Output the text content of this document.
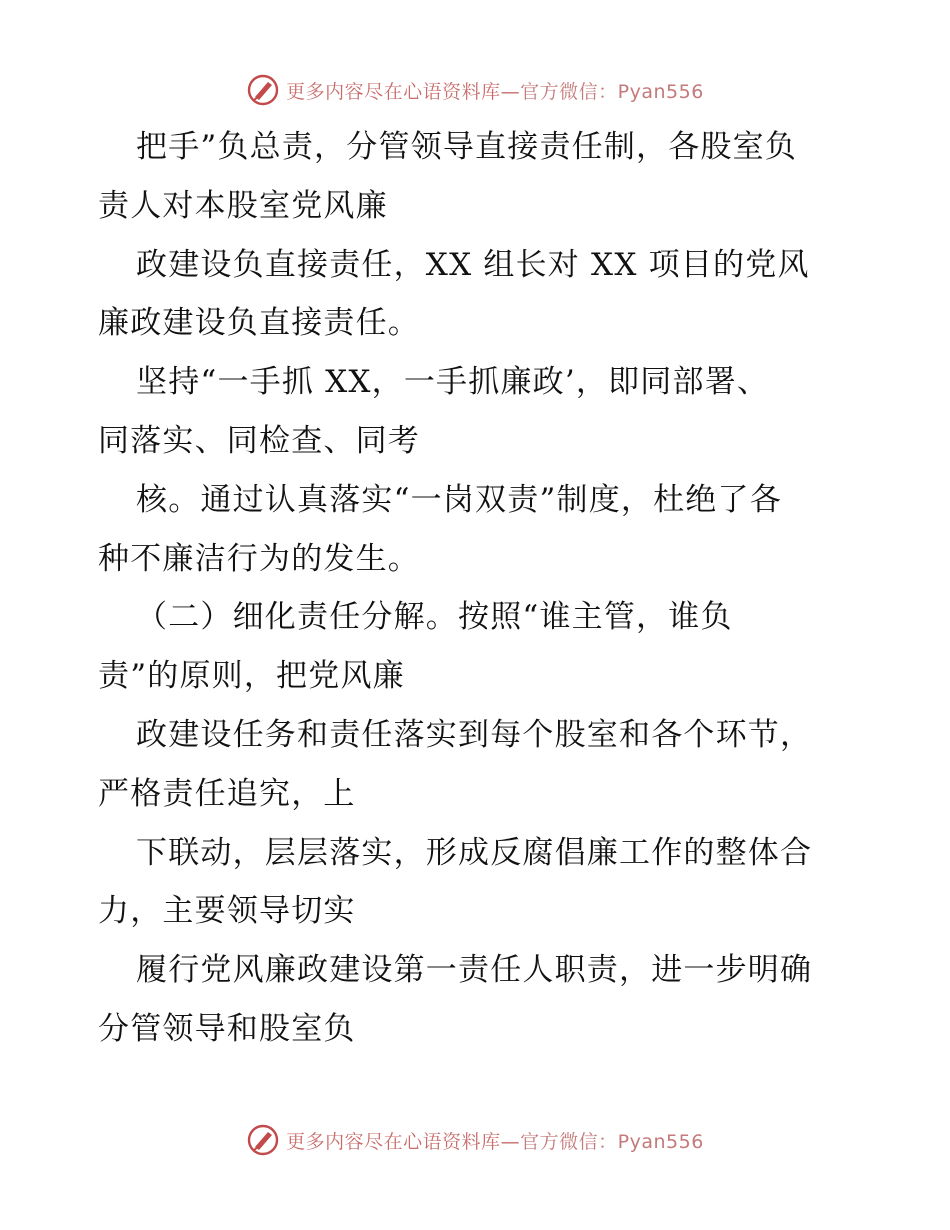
更多内容尽在心语资料库—官方微信：Pyan556

把手”负总责，分管领导直接责任制，各股室负
责人对本股室党风廉

政建设负直接责任，XX 组长对 XX 项目的党风
廉政建设负直接责任。

坚持“一手抓 XX，一手抓廉政’，即同部署、
同落实、同检查、同考

核。通过认真落实“一岗双责”制度，杜绝了各
种不廉洁行为的发生。

（二）细化责任分解。按照“谁主管，谁负
责”的原则，把党风廉

政建设任务和责任落实到每个股室和各个环节，
严格责任追究，上

下联动，层层落实，形成反腐倡廉工作的整体合
力，主要领导切实

履行党风廉政建设第一责任人职责，进一步明确
分管领导和股室负

更多内容尽在心语资料库—官方微信：Pyan556
